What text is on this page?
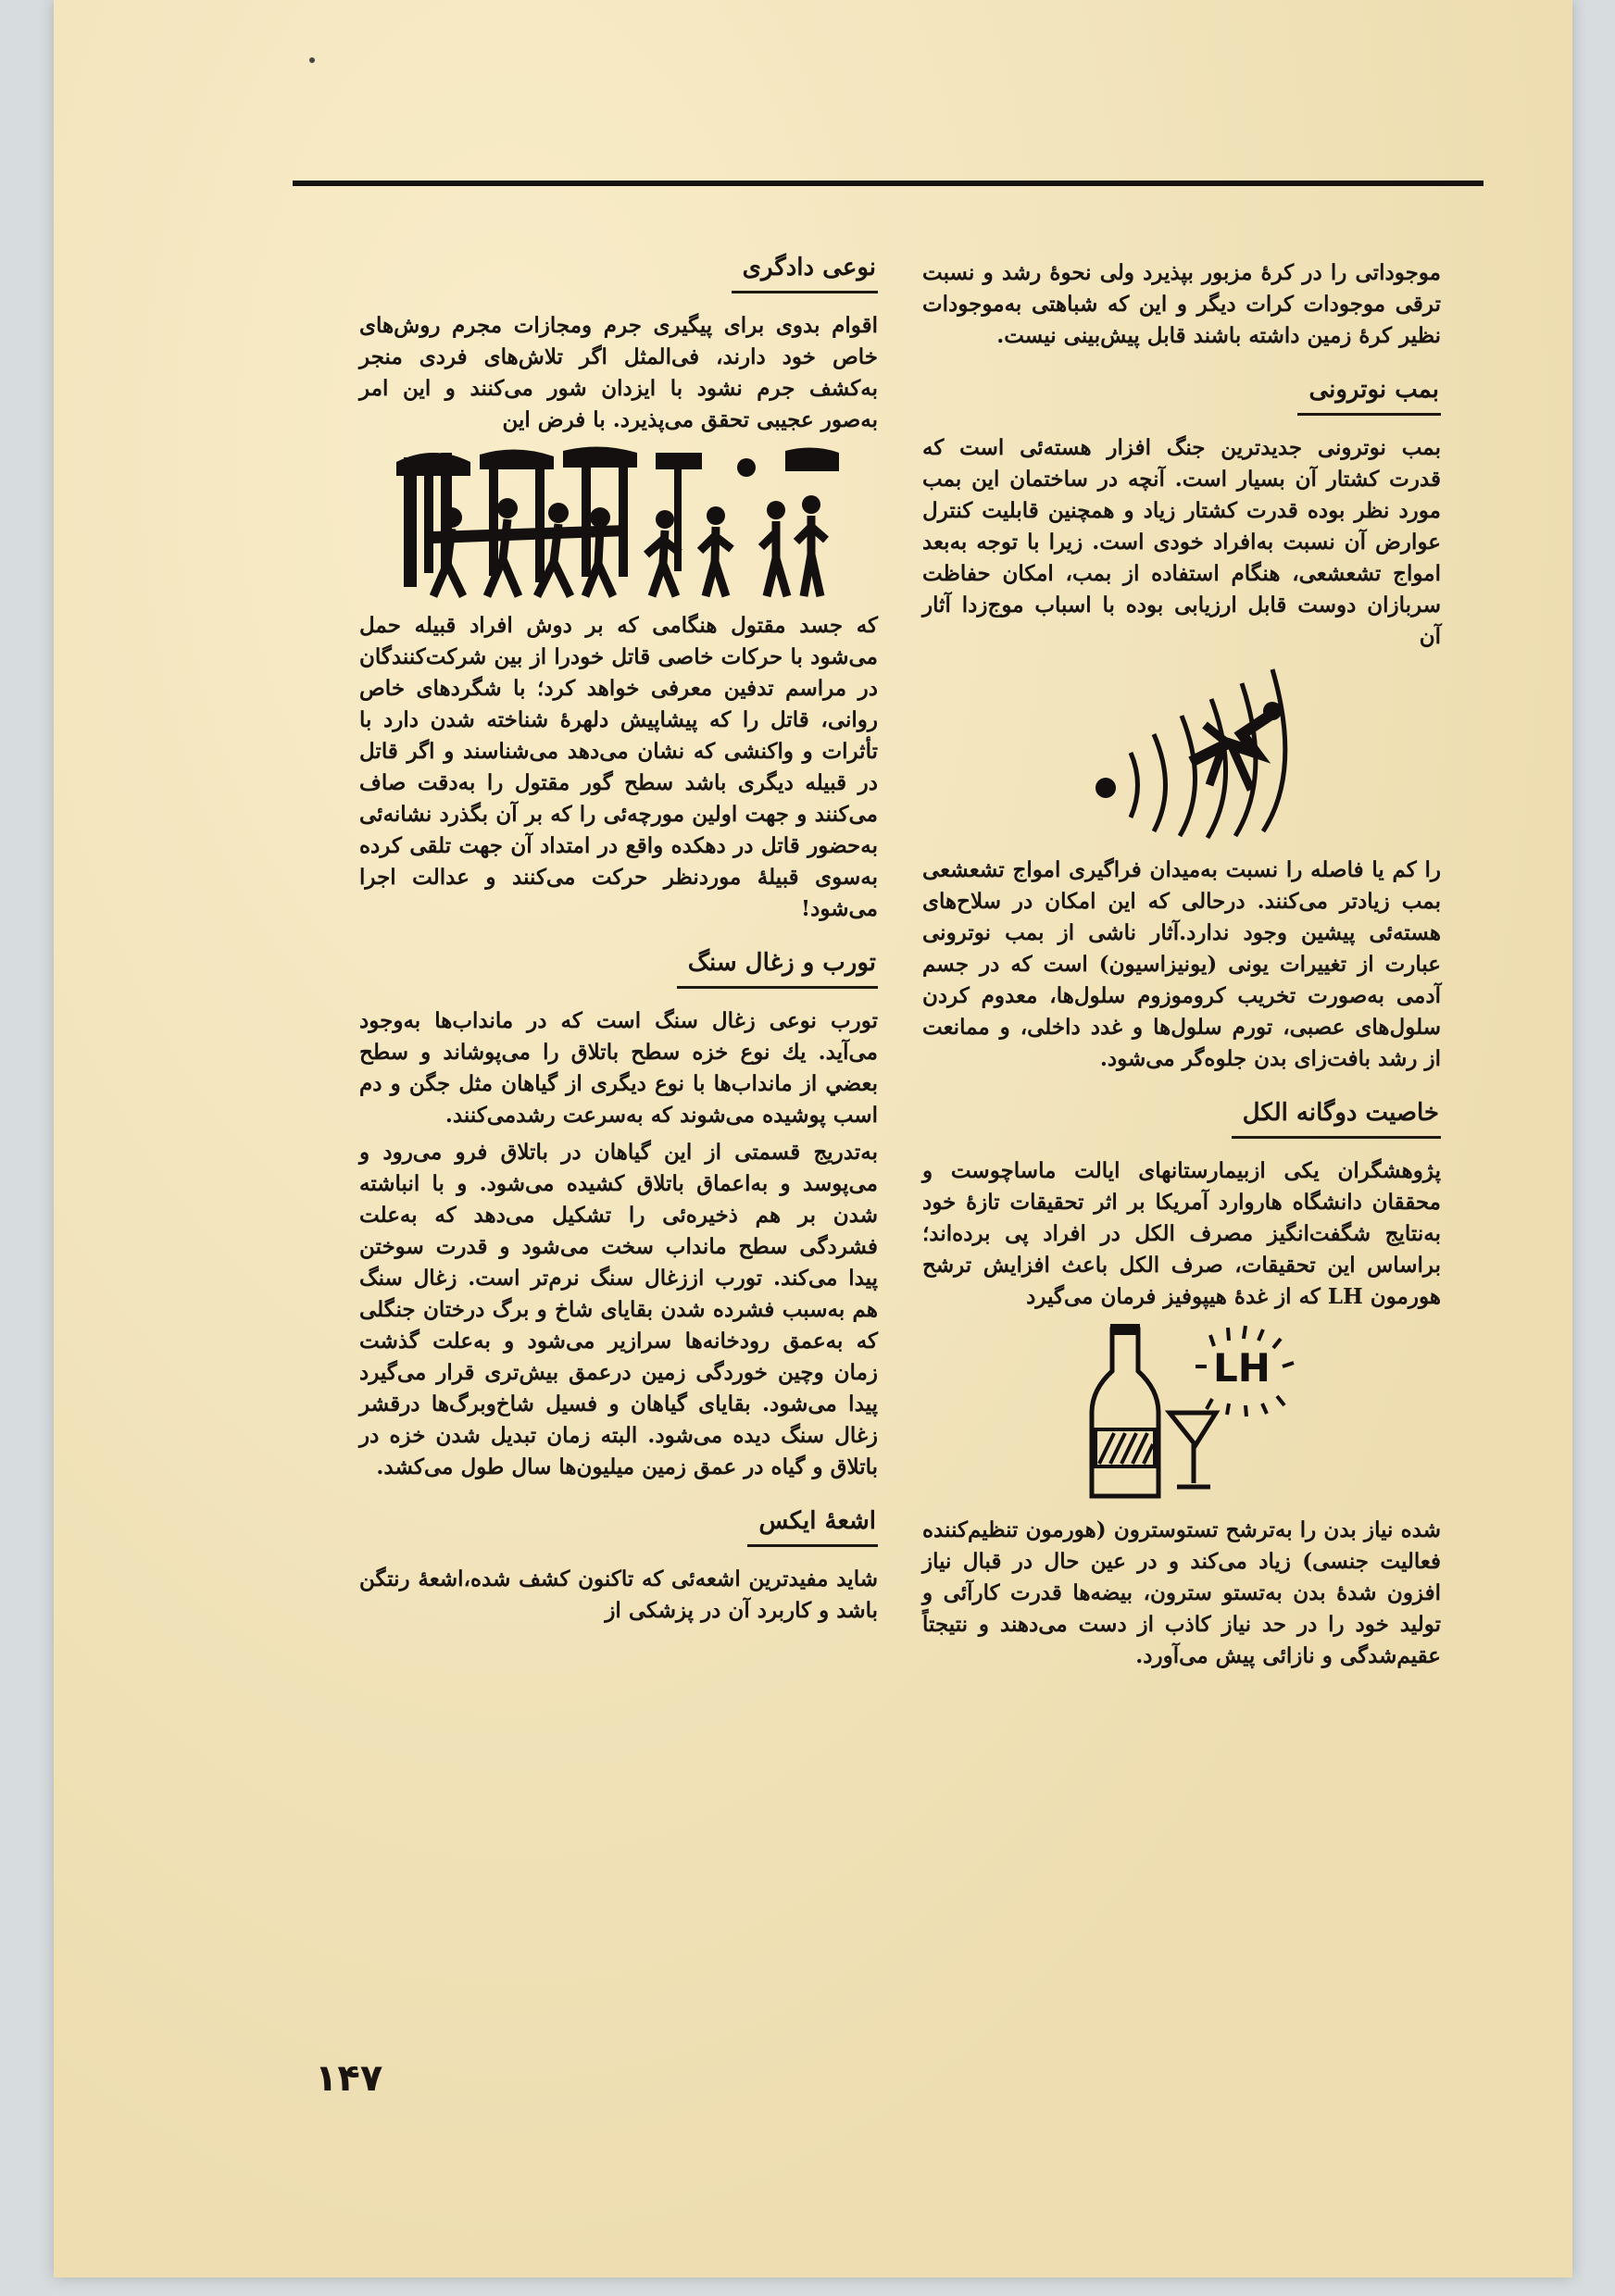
موجوداتی را در کرهٔ مزبور بپذیرد ولی نحوهٔ رشد و نسبت ترقی موجودات کرات دیگر و این که شباهتی به‌موجودات نظیر کرهٔ زمین داشته باشند قابل پیش‌بینی نیست.

بمب نوترونی

بمب نوترونی جدیدترین جنگ افزار هسته‌ئی است که قدرت کشتار آن بسیار است. آنچه در ساختمان این بمب مورد نظر بوده قدرت کشتار زیاد و همچنین قابلیت کنترل عوارض آن نسبت به‌افراد خودی است. زیرا با توجه به‌بعد امواج تشعشعی، هنگام استفاده از بمب، امکان حفاظت سربازان دوست قابل ارزیابی بوده با اسباب موج‌زدا آثار آن

را کم یا فاصله را نسبت به‌میدان فراگیری امواج تشعشعی بمب زیادتر می‌کنند. درحالی که این امکان در سلاح‌های هسته‌ئی پیشین وجود ندارد.آثار ناشی از بمب نوترونی عبارت از تغییرات یونی (یونیزاسیون) است که در جسم آدمی به‌صورت تخریب کروموزوم سلول‌ها، معدوم کردن سلول‌های عصبی، تورم سلول‌ها و غدد داخلی، و ممانعت از رشد بافت‌زای بدن جلوه‌گر می‌شود.

خاصیت دوگانه الکل

پژوهشگران یکی ازبیمارستانهای ایالت ماساچوست و محققان دانشگاه هاروارد آمریکا بر اثر تحقیقات تازهٔ خود به‌نتایج شگفت‌انگیز مصرف الکل در افراد پی برده‌اند؛ براساس این تحقیقات، صرف الکل باعث افزایش ترشح هورمون LH که از غدهٔ هیپوفیز فرمان می‌گیرد

LH

شده نیاز بدن را به‌ترشح تستوسترون (هورمون تنظیم‌کننده فعالیت جنسی) زیاد می‌کند و در عین حال در قبال نیاز افزون شدهٔ بدن به‌تستو سترون، بیضه‌ها قدرت کارآئی و تولید خود را در حد نیاز کاذب از دست می‌دهند و نتیجتاً عقیم‌شدگی و نازائی پیش می‌آورد.

نوعی دادگری

اقوام بدوی برای پیگیری جرم ومجازات مجرم روش‌های خاص خود دارند، فی‌المثل اگر تلاش‌های فردی منجر به‌کشف جرم نشود با ایزدان شور می‌کنند و این امر به‌صور عجیبی تحقق می‌پذیرد. با فرض این

که جسد مقتول هنگامی که بر دوش افراد قبیله حمل می‌شود با حرکات خاصی قاتل خودرا از بین شرکت‌کنندگان در مراسم تدفین معرفی خواهد کرد؛ با شگردهای خاص روانی، قاتل را که پیشاپیش دلهرهٔ شناخته شدن دارد با تأثرات و واکنشی که نشان می‌دهد می‌شناسند و اگر قاتل در قبیله دیگری باشد سطح گور مقتول را به‌دقت صاف می‌کنند و جهت اولین مورچه‌ئی را که بر آن بگذرد نشانه‌ئی به‌حضور قاتل در دهکده واقع در امتداد آن جهت تلقی کرده به‌سوی قبیلهٔ موردنظر حرکت می‌کنند و عدالت اجرا می‌شود!

تورب و زغال سنگ

تورب نوعی زغال سنگ است که در مانداب‌ها به‌وجود می‌آید. یك نوع خزه سطح باتلاق را می‌پوشاند و سطح بعضي از مانداب‌ها با نوع دیگری از گیاهان مثل جگن و دم اسب پوشیده می‌شوند که به‌سرعت رشدمی‌کنند.

به‌تدریج قسمتی از این گیاهان در باتلاق فرو می‌رود و می‌پوسد و به‌اعماق باتلاق کشیده می‌شود. و با انباشته شدن بر هم ذخیره‌ئی را تشکیل می‌دهد که به‌علت فشردگی سطح مانداب سخت می‌شود و قدرت سوختن پیدا می‌کند. تورب اززغال سنگ نرم‌تر است. زغال سنگ هم به‌سبب فشرده شدن بقایای شاخ و برگ درختان جنگلی که به‌عمق رودخانه‌ها سرازیر می‌شود و به‌علت گذشت زمان وچین خوردگی زمین درعمق بیش‌تری قرار می‌گیرد پیدا می‌شود. بقایای گیاهان و فسیل شاخ‌وبرگ‌ها درقشر زغال سنگ دیده می‌شود. البته زمان تبدیل شدن خزه در باتلاق و گیاه در عمق زمین میلیون‌ها سال طول می‌کشد.

اشعهٔ ایکس

شاید مفیدترین اشعه‌ئی که تاکنون کشف شده،اشعهٔ رنتگن باشد و کاربرد آن در پزشکی از

۱۴۷
